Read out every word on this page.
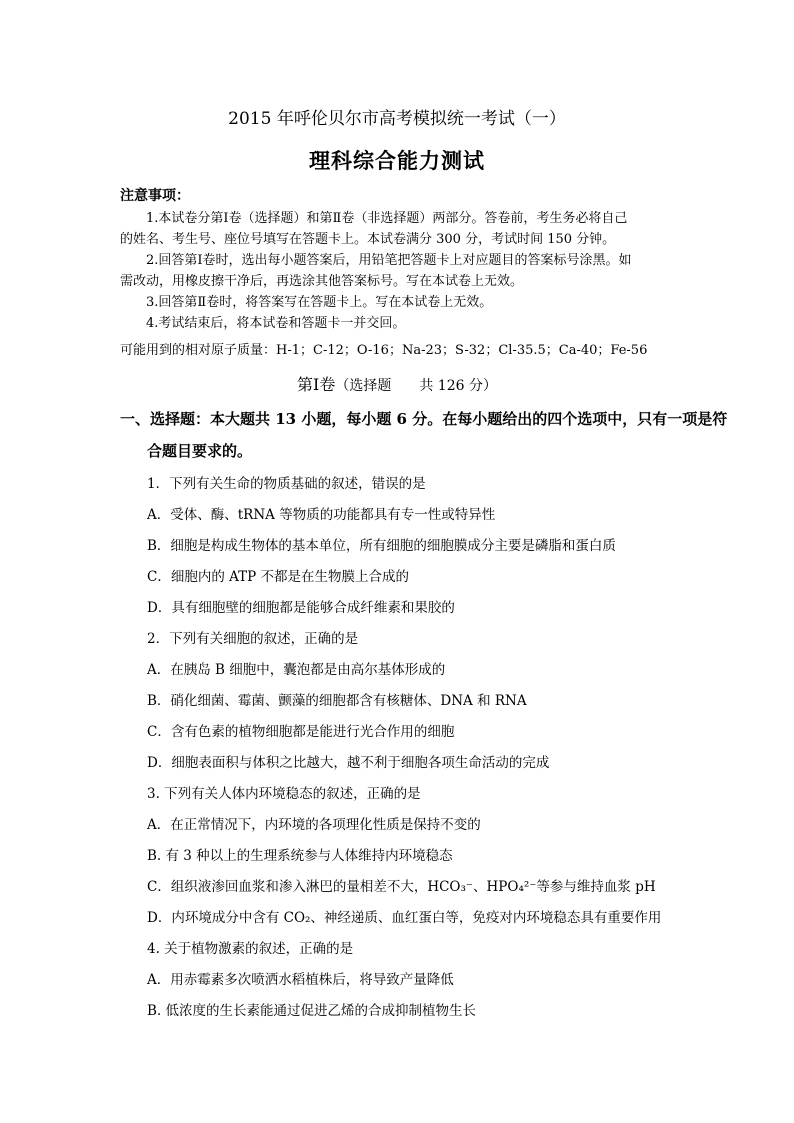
2015 年呼伦贝尔市高考模拟统一考试（一）
理科综合能力测试
注意事项：

1.本试卷分第Ⅰ卷（选择题）和第Ⅱ卷（非选择题）两部分。答卷前，考生务必将自己

的姓名、考生号、座位号填写在答题卡上。本试卷满分 300 分，考试时间 150 分钟。

2.回答第Ⅰ卷时，选出每小题答案后，用铅笔把答题卡上对应题目的答案标号涂黑。如

需改动，用橡皮擦干净后，再选涂其他答案标号。写在本试卷上无效。

3.回答第Ⅱ卷时，将答案写在答题卡上。写在本试卷上无效。

4.考试结束后，将本试卷和答题卡一并交回。

可能用到的相对原子质量：H-1；C-12；O-16；Na-23；S-32；Cl-35.5；Ca-40；Fe-56
第Ⅰ卷（选择题　　共 126 分）
一、选择题：本大题共 13 小题，每小题 6 分。在每小题给出的四个选项中，只有一项是符
合题目要求的。
1．下列有关生命的物质基础的叙述，错误的是
A．受体、酶、tRNA 等物质的功能都具有专一性或特异性
B．细胞是构成生物体的基本单位，所有细胞的细胞膜成分主要是磷脂和蛋白质
C．细胞内的 ATP 不都是在生物膜上合成的
D．具有细胞壁的细胞都是能够合成纤维素和果胶的
2．下列有关细胞的叙述，正确的是
A．在胰岛 B 细胞中，囊泡都是由高尔基体形成的
B．硝化细菌、霉菌、颤藻的细胞都含有核糖体、DNA 和 RNA
C．含有色素的植物细胞都是能进行光合作用的细胞
D．细胞表面积与体积之比越大，越不利于细胞各项生命活动的完成
3. 下列有关人体内环境稳态的叙述，正确的是
A．在正常情况下，内环境的各项理化性质是保持不变的
B. 有 3 种以上的生理系统参与人体维持内环境稳态
C．组织液渗回血浆和渗入淋巴的量相差不大，HCO₃⁻、HPO₄²⁻等参与维持血浆 pH
D．内环境成分中含有 CO₂、神经递质、血红蛋白等，免疫对内环境稳态具有重要作用
4. 关于植物激素的叙述，正确的是
A．用赤霉素多次喷洒水稻植株后，将导致产量降低
B. 低浓度的生长素能通过促进乙烯的合成抑制植物生长
